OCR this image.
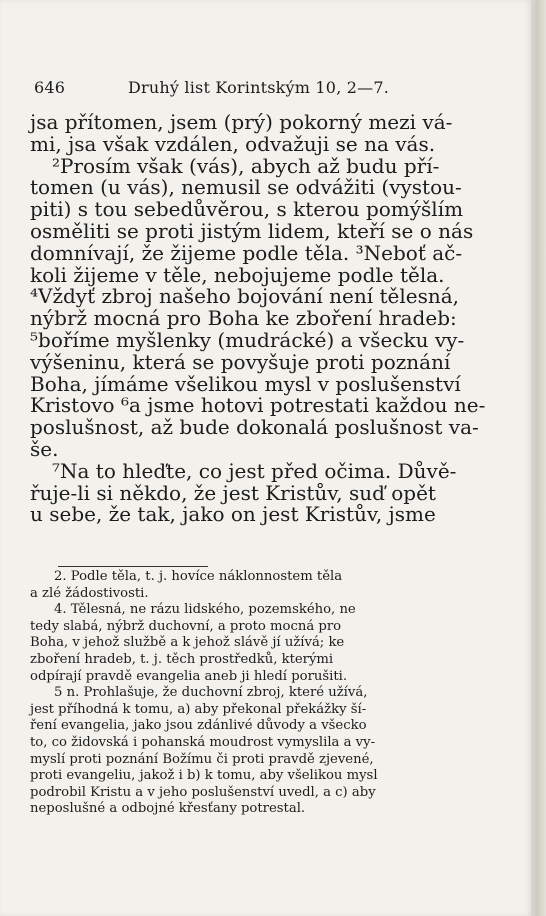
646	Druhý list Korintským 10, 2—7.
jsa přítomen, jsem (prý) pokorný mezi vá-
mi, jsa však vzdálen, odvažuji se na vás.
²Prosím však (vás), abych až budu pří-
tomen (u vás), nemusil se odvážiti (vystou-
piti) s tou sebedůvěrou, s kterou pomýšlím
osměliti se proti jistým lidem, kteří se o nás
domnívají, že žijeme podle těla. ³Neboť ač-
koli žijeme v těle, nebojujeme podle těla.
⁴Vždyť zbroj našeho bojování není tělesná,
nýbrž mocná pro Boha ke zboření hradeb:
⁵boříme myšlenky (mudrácké) a všecku vy-
výšeninu, která se povyšuje proti poznání
Boha, jímáme všelikou mysl v poslušenství
Kristovo ⁶a jsme hotovi potrestati každou ne-
poslušnost, až bude dokonalá poslušnost va-
še.
⁷Na to hleďte, co jest před očima. Důvě-
řuje-li si někdo, že jest Kristův, suď opět
u sebe, že tak, jako on jest Kristův, jsme
2. Podle těla, t. j. hovíce náklonnostem těla
a zlé žádostivosti.
4. Tělesná, ne rázu lidského, pozemského, ne
tedy slabá, nýbrž duchovní, a proto mocná pro
Boha, v jehož službě a k jehož slávě jí užívá; ke
zboření hradeb, t. j. těch prostředků, kterými
odpírají pravdě evangelia aneb ji hledí porušiti.
5 n. Prohlašuje, že duchovní zbroj, které užívá,
jest příhodná k tomu, a) aby překonal překážky ší-
ření evangelia, jako jsou zdánlivé důvody a všecko
to, co židovská i pohanská moudrost vymyslila a vy-
myslí proti poznání Božímu či proti pravdě zjevené,
proti evangeliu, jakož i b) k tomu, aby všelikou mysl
podrobil Kristu a v jeho poslušenství uvedl, a c) aby
neposlušné a odbojné křesťany potrestal.
